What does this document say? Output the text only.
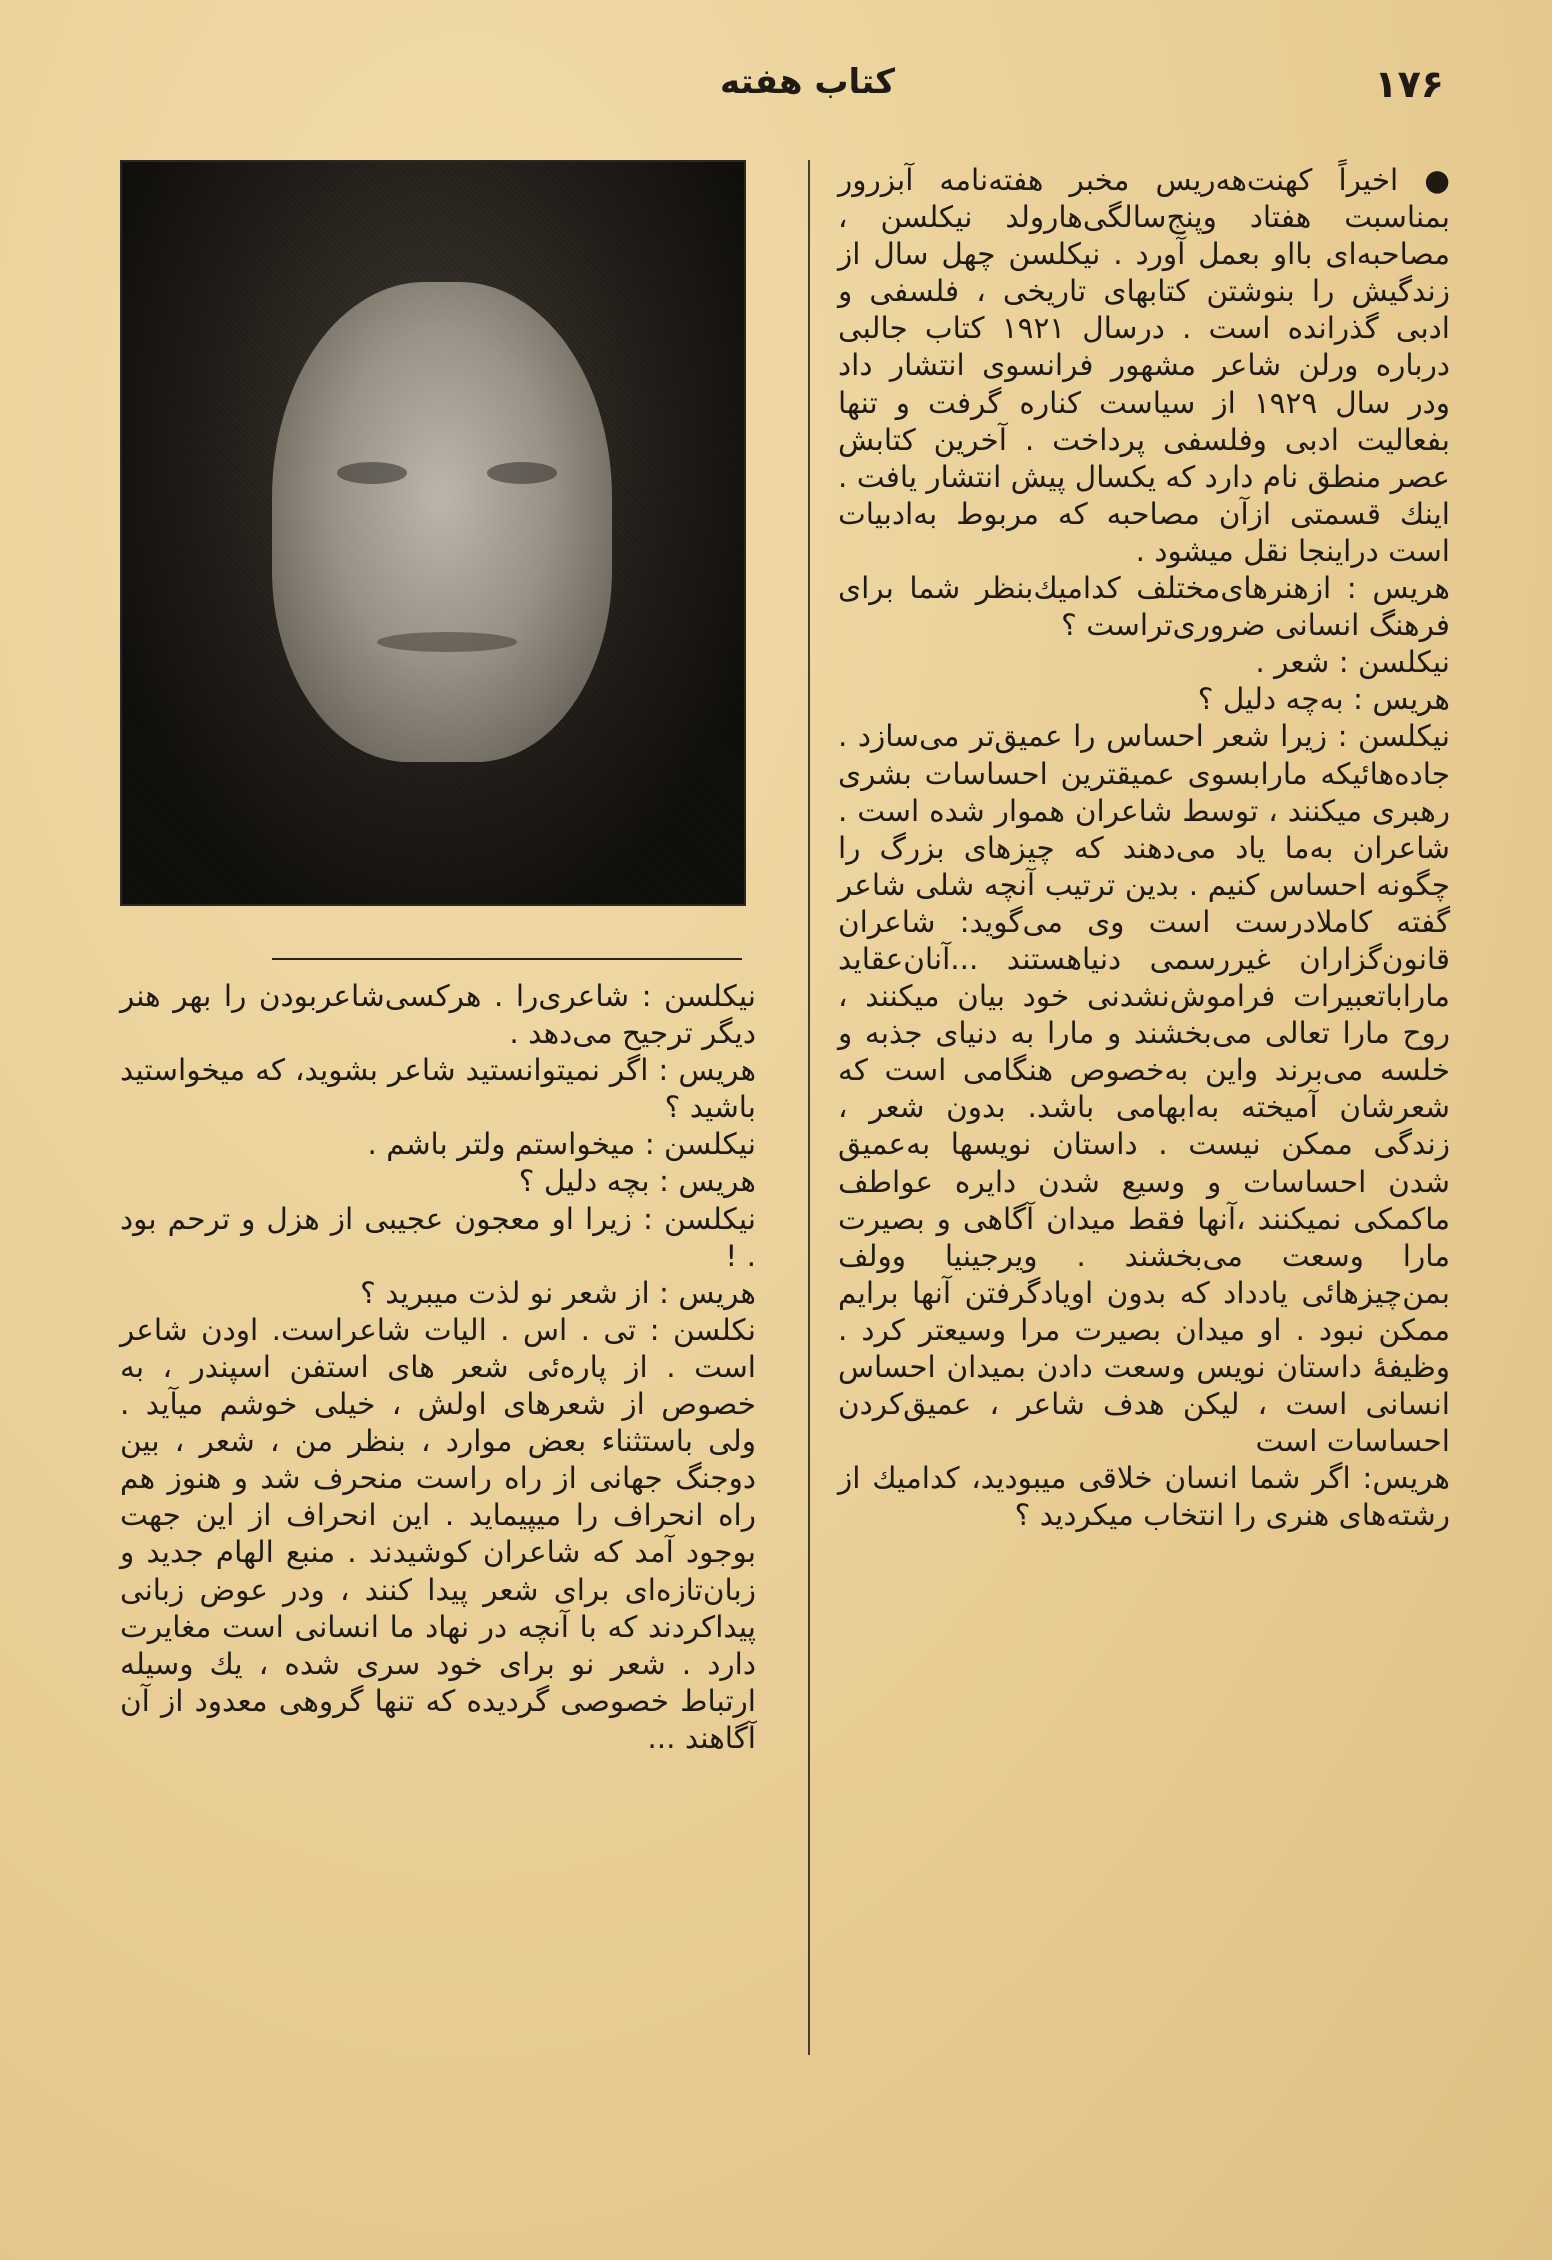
۱۷۶
کتاب هفته

● اخیراً کهنت‌هه‌ریس مخبر هفته‌نامه آبزرور بمناسبت هفتاد وپنج‌سالگی‌هارولد نیکلسن ، مصاحبه‌ای بااو بعمل آورد . نیکلسن چهل سال از زندگیش را بنوشتن کتابهای تاریخی ، فلسفی و ادبی گذرانده است . درسال ۱۹۲۱ کتاب جالبی درباره ورلن شاعر مشهور فرانسوی انتشار داد ودر سال ۱۹۲۹ از سیاست کناره گرفت و تنها بفعالیت ادبی وفلسفی پرداخت . آخرین کتابش عصر منطق نام دارد که یکسال پیش انتشار یافت . اینك قسمتی ازآن مصاحبه که مربوط به‌ادبیات است دراینجا نقل میشود .

هریس : ازهنرهای‌مختلف کدامیك‌بنظر شما برای فرهنگ انسانی ضروری‌تراست ؟

نیکلسن : شعر .

هریس : به‌چه دلیل ؟

نیکلسن : زیرا شعر احساس را عمیق‌تر می‌سازد . جاده‌هائیکه مارابسوی عمیقترین احساسات بشری رهبری میکنند ، توسط شاعران هموار شده است . شاعران به‌ما یاد می‌دهند که چیزهای بزرگ را چگونه احساس کنیم . بدین ترتیب آنچه شلی شاعر گفته کاملادرست است وی می‌گوید: شاعران قانون‌گزاران غیررسمی دنیاهستند ...آنان‌عقاید مارا‌باتعبیرات فراموش‌نشدنی خود بیان میکنند ، روح مارا تعالی می‌بخشند و مارا به دنیای جذبه و خلسه می‌برند واین به‌خصوص هنگامی است که شعرشان آمیخته به‌ابهامی باشد. بدون شعر ، زندگی ممکن نیست . داستان نویسها به‌عمیق شدن احساسات و وسیع شدن دایره عواطف ماکمکی نمیکنند ،آنها فقط میدان آگاهی و بصیرت مارا وسعت می‌بخشند . ویرجینیا وولف بمن‌چیزهائی یادداد که بدون اویادگرفتن آنها برایم ممکن نبود . او میدان بصیرت مرا وسیعتر کرد . وظیفهٔ داستان نویس وسعت دادن بمیدان احساس انسانی است ، لیکن هدف شاعر ، عمیق‌کردن احساسات است

هریس: اگر شما انسان خلاقی میبودید، کدامیك از رشته‌های هنری را انتخاب میکردید ؟

نیکلسن : شاعری‌را . هرکسی‌شاعربودن را بهر هنر دیگر ترجیح می‌دهد .

هریس : اگر نمیتوانستید شاعر بشوید، که میخواستید باشید ؟

نیکلسن : میخواستم ولتر باشم .

هریس : بچه دلیل ؟

نیکلسن : زیرا او معجون عجیبی از هزل و ترحم بود . !

هریس : از شعر نو لذت میبرید ؟

نکلسن : تی . اس . الیات شاعراست. اودن شاعر است . از پاره‌ئی شعر های استفن اسپندر ، به خصوص از شعرهای اولش ، خیلی خوشم میآید . ولی باستثناء بعض موارد ، بنظر من ، شعر ، بین دوجنگ جهانی از راه راست منحرف شد و هنوز هم راه انحراف را میپیماید . این انحراف از این جهت بوجود آمد که شاعران کوشیدند . منبع الهام جدید و زبان‌تازه‌ای برای شعر پیدا کنند ، ودر عوض زبانی پیداکردند که با آنچه در نهاد ما انسانی است مغایرت دارد . شعر نو برای خود سری شده ، یك وسیله ارتباط خصوصی گردیده که تنها گروهی معدود از آن آگاهند ...
